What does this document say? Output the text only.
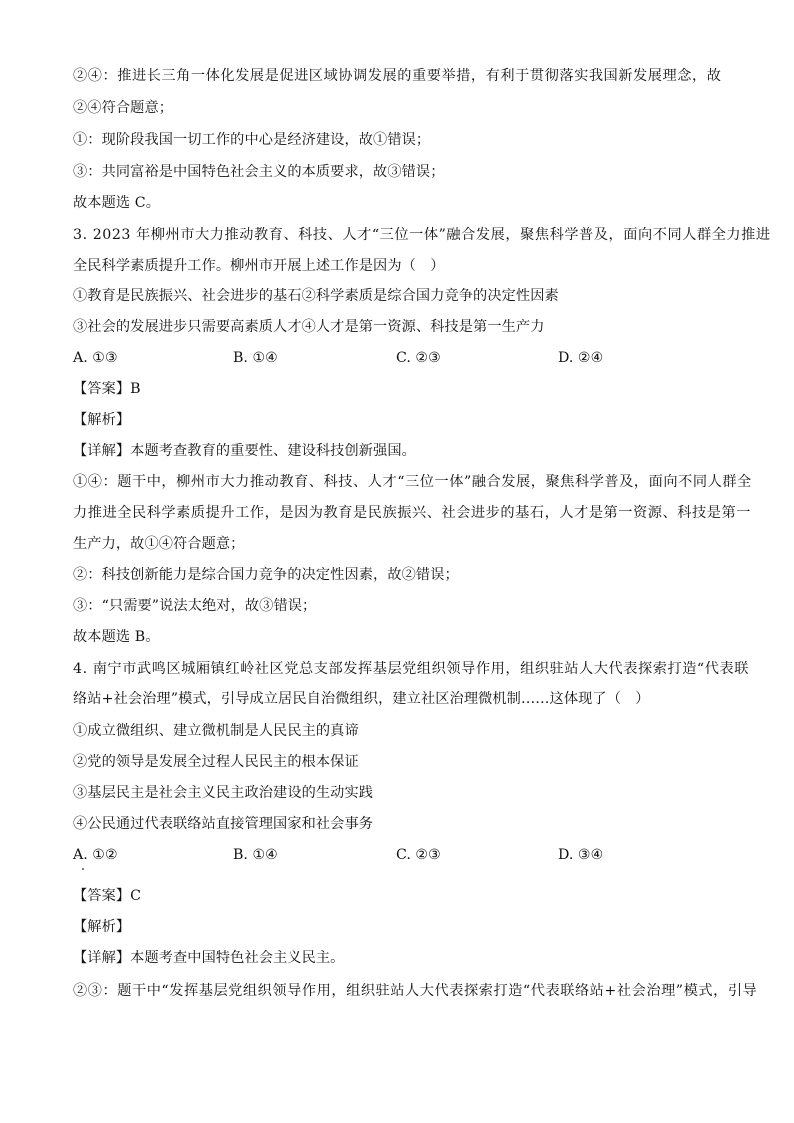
②④：推进长三角一体化发展是促进区域协调发展的重要举措，有利于贯彻落实我国新发展理念，故
②④符合题意；
①：现阶段我国一切工作的中心是经济建设，故①错误；
③：共同富裕是中国特色社会主义的本质要求，故③错误；
故本题选 C。
3. 2023 年柳州市大力推动教育、科技、人才“三位一体”融合发展，聚焦科学普及，面向不同人群全力推进
全民科学素质提升工作。柳州市开展上述工作是因为（　）
①教育是民族振兴、社会进步的基石②科学素质是综合国力竞争的决定性因素
③社会的发展进步只需要高素质人才④人才是第一资源、科技是第一生产力
A. ①③	B. ①④	C. ②③	D. ②④
【答案】B
【解析】
【详解】本题考查教育的重要性、建设科技创新强国。
①④：题干中，柳州市大力推动教育、科技、人才“三位一体”融合发展，聚焦科学普及，面向不同人群全
力推进全民科学素质提升工作，是因为教育是民族振兴、社会进步的基石，人才是第一资源、科技是第一
生产力，故①④符合题意；
②：科技创新能力是综合国力竞争的决定性因素，故②错误；
③：“只需要”说法太绝对，故③错误；
故本题选 B。
4. 南宁市武鸣区城厢镇红岭社区党总支部发挥基层党组织领导作用，组织驻站人大代表探索打造“代表联
络站+社会治理”模式，引导成立居民自治微组织，建立社区治理微机制……这体现了（　）
①成立微组织、建立微机制是人民民主的真谛
②党的领导是发展全过程人民民主的根本保证
③基层民主是社会主义民主政治建设的生动实践
④公民通过代表联络站直接管理国家和社会事务
A. ①②	B. ①④	C. ②③	D. ③④
【答案】C
【解析】
【详解】本题考查中国特色社会主义民主。
②③：题干中“发挥基层党组织领导作用，组织驻站人大代表探索打造“代表联络站+社会治理”模式，引导
